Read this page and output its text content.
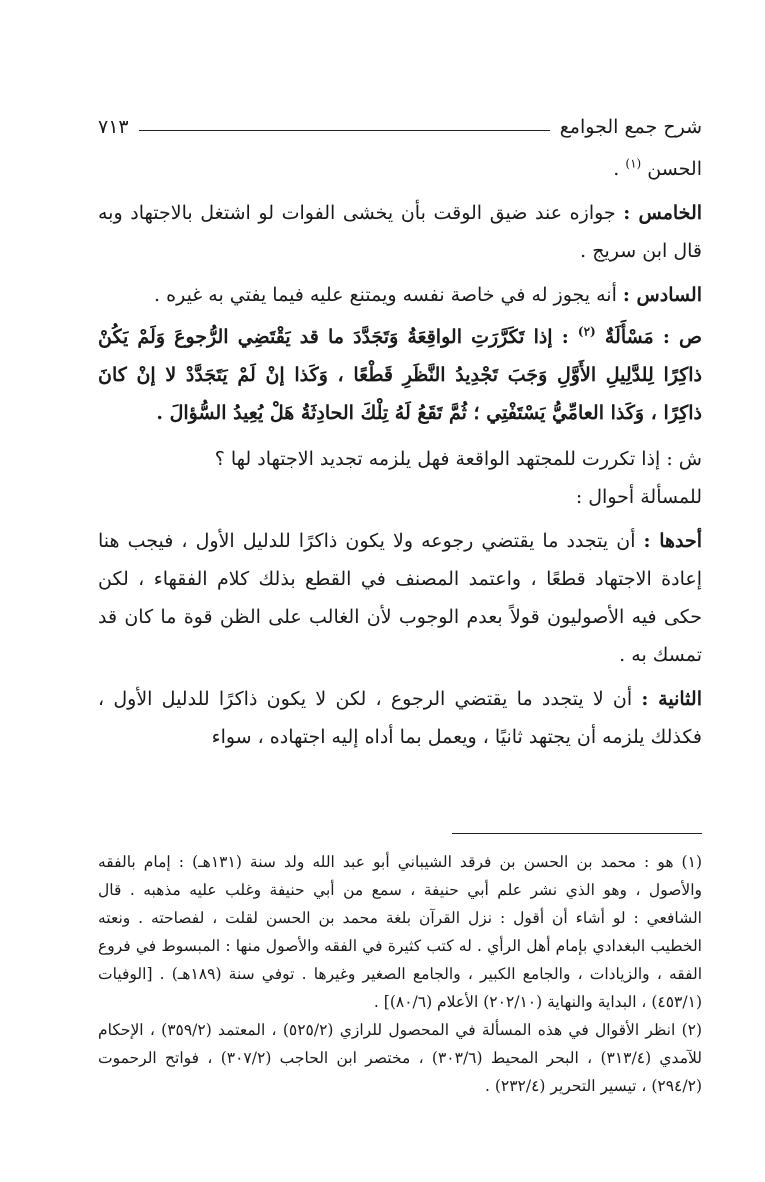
شرح جمع الجوامع
٧١٣

الحسن $^{(١)}$ .

الخامس : جوازه عند ضيق الوقت بأن يخشى الفوات لو اشتغل بالاجتهاد وبه قال ابن سريج .

السادس : أنه يجوز له في خاصة نفسه ويمتنع عليه فيما يفتي به غيره .

ص : مَسْأَلَةٌ $^{(٢)}$ : إذا تَكَرَّرَتِ الواقِعَةُ وَتَجَدَّدَ ما قد يَقْتَضِي الرُّجوعَ وَلَمْ يَكُنْ ذاكِرًا لِلدَّلِيلِ الأَوَّلِ وَجَبَ تَجْدِيدُ النَّظَرِ قَطْعًا ، وَكَذا إنْ لَمْ يَتَجَدَّدْ لا إنْ كانَ ذاكِرًا ، وَكَذا العامِّيُّ يَسْتَفْتِي ؛ ثُمَّ تَقَعُ لَهُ تِلْكَ الحادِثَةُ هَلْ يُعِيدُ السُّؤالَ .

ش : إذا تكررت للمجتهد الواقعة فهل يلزمه تجديد الاجتهاد لها ؟

للمسألة أحوال :

أحدها : أن يتجدد ما يقتضي رجوعه ولا يكون ذاكرًا للدليل الأول ، فيجب هنا إعادة الاجتهاد قطعًا ، واعتمد المصنف في القطع بذلك كلام الفقهاء ، لكن حكى فيه الأصوليون قولاً بعدم الوجوب لأن الغالب على الظن قوة ما كان قد تمسك به .

الثانية : أن لا يتجدد ما يقتضي الرجوع ، لكن لا يكون ذاكرًا للدليل الأول ، فكذلك يلزمه أن يجتهد ثانيًا ، ويعمل بما أداه إليه اجتهاده ، سواء

(١) هو : محمد بن الحسن بن فرقد الشيباني أبو عبد الله ولد سنة (١٣١هـ) : إمام بالفقه والأصول ، وهو الذي نشر علم أبي حنيفة ، سمع من أبي حنيفة وغلب عليه مذهبه . قال الشافعي : لو أشاء أن أقول : نزل القرآن بلغة محمد بن الحسن لقلت ، لفصاحته . ونعته الخطيب البغدادي بإمام أهل الرأي . له كتب كثيرة في الفقه والأصول منها : المبسوط في فروع الفقه ، والزيادات ، والجامع الكبير ، والجامع الصغير وغيرها . توفي سنة (١٨٩هـ) . [الوفيات (٤٥٣/١) ، البداية والنهاية (٢٠٢/١٠) الأعلام (٨٠/٦)] .

(٢) انظر الأقوال في هذه المسألة في المحصول للرازي (٥٢٥/٢) ، المعتمد (٣٥٩/٢) ، الإحكام للآمدي (٣١٣/٤) ، البحر المحيط (٣٠٣/٦) ، مختصر ابن الحاجب (٣٠٧/٢) ، فواتح الرحموت (٢٩٤/٢) ، تيسير التحرير (٢٣٢/٤) .
